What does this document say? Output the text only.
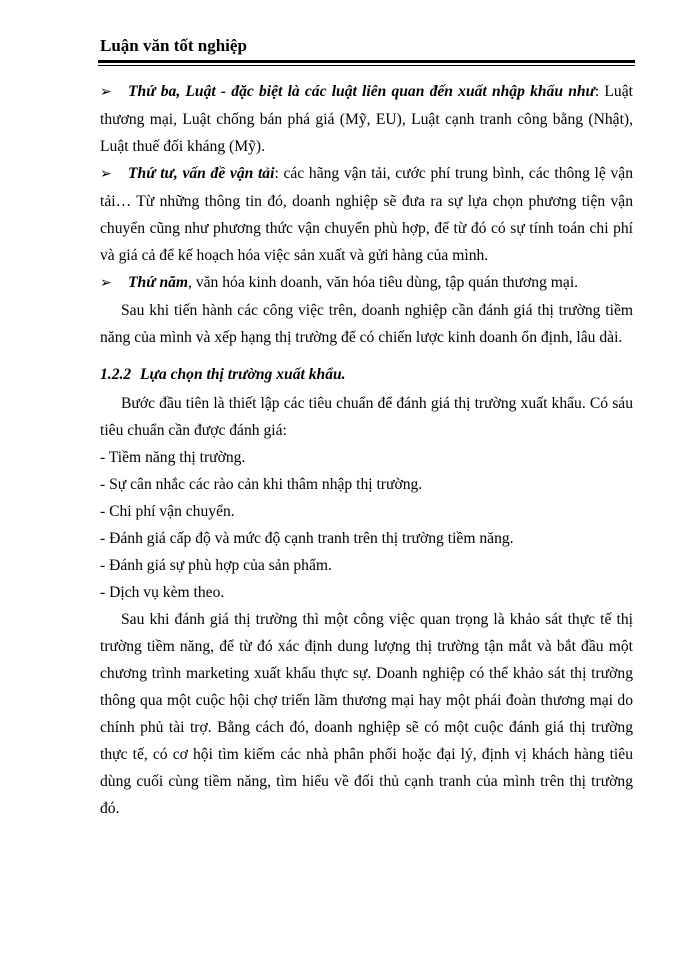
Luận văn tốt nghiệp

➢ Thứ ba, Luật - đặc biệt là các luật liên quan đến xuất nhập khẩu như: Luật thương mại, Luật chống bán phá giá (Mỹ, EU), Luật cạnh tranh công bằng (Nhật), Luật thuế đối kháng (Mỹ).

➢ Thứ tư, vấn đề vận tải: các hãng vận tải, cước phí trung bình, các thông lệ vận tải… Từ những thông tin đó, doanh nghiệp sẽ đưa ra sự lựa chọn phương tiện vận chuyển cũng như phương thức vận chuyển phù hợp, để từ đó có sự tính toán chi phí và giá cả để kế hoạch hóa việc sản xuất và gửi hàng của mình.

➢ Thứ năm, văn hóa kinh doanh, văn hóa tiêu dùng, tập quán thương mại.

Sau khi tiến hành các công việc trên, doanh nghiệp cần đánh giá thị trường tiềm năng của mình và xếp hạng thị trường để có chiến lược kinh doanh ổn định, lâu dài.

1.2.2 Lựa chọn thị trường xuất khẩu.

Bước đầu tiên là thiết lập các tiêu chuẩn để đánh giá thị trường xuất khẩu. Có sáu tiêu chuẩn cần được đánh giá:

- Tiềm năng thị trường.

- Sự cân nhắc các rào cản khi thâm nhập thị trường.

- Chi phí vận chuyển.

- Đánh giá cấp độ và mức độ cạnh tranh trên thị trường tiềm năng.

- Đánh giá sự phù hợp của sản phẩm.

- Dịch vụ kèm theo.

Sau khi đánh giá thị trường thì một công việc quan trọng là khảo sát thực tế thị trường tiềm năng, để từ đó xác định dung lượng thị trường tận mắt và bắt đầu một chương trình marketing xuất khẩu thực sự. Doanh nghiệp có thể khảo sát thị trường thông qua một cuộc hội chợ triển lãm thương mại hay một phái đoàn thương mại do chính phủ tài trợ. Bằng cách đó, doanh nghiệp sẽ có một cuộc đánh giá thị trường thực tế, có cơ hội tìm kiếm các nhà phân phối hoặc đại lý, định vị khách hàng tiêu dùng cuối cùng tiềm năng, tìm hiểu về đối thủ cạnh tranh của mình trên thị trường đó.
